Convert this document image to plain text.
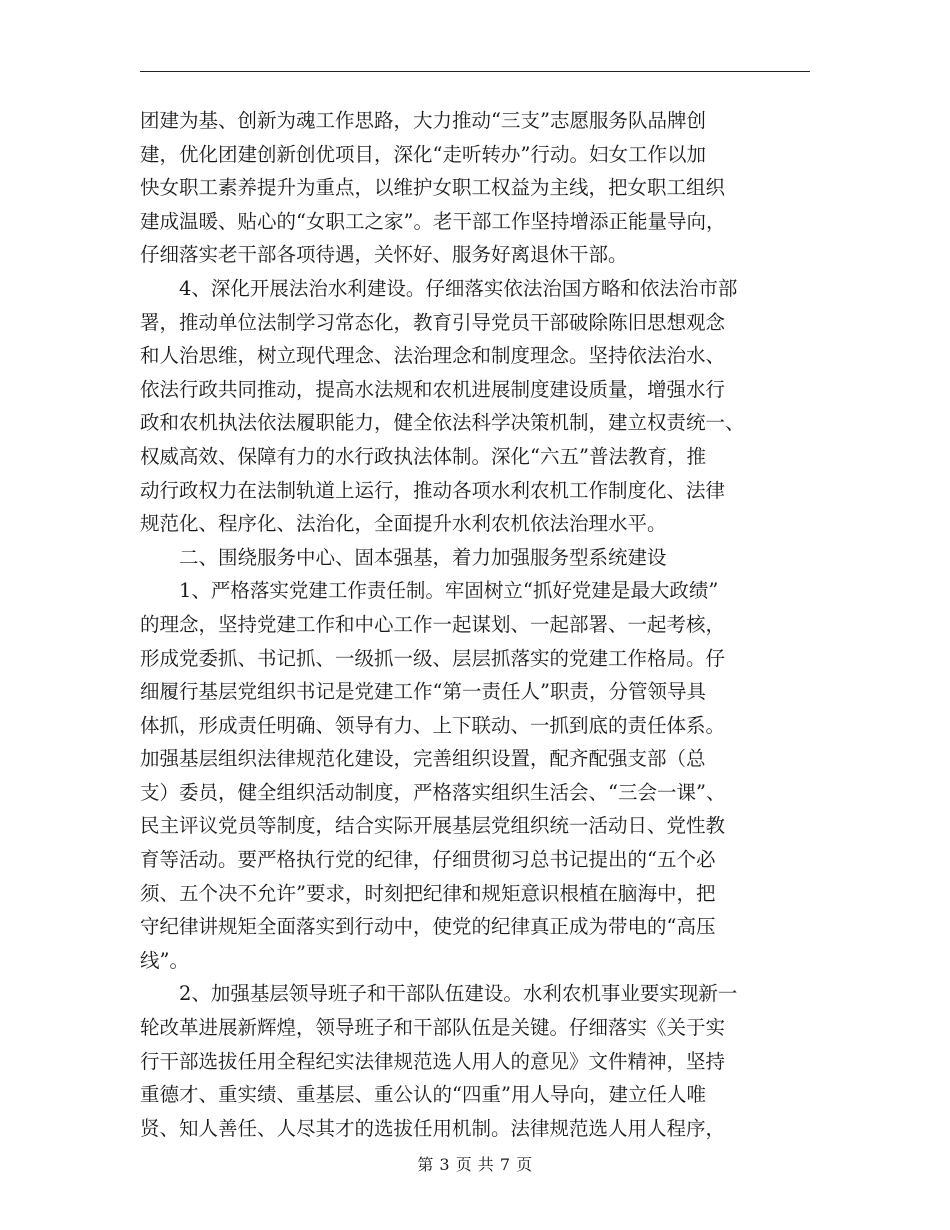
团建为基、创新为魂工作思路，大力推动“三支”志愿服务队品牌创
建，优化团建创新创优项目，深化“走听转办”行动。妇女工作以加
快女职工素养提升为重点，以维护女职工权益为主线，把女职工组织
建成温暖、贴心的“女职工之家”。老干部工作坚持增添正能量导向，
仔细落实老干部各项待遇，关怀好、服务好离退休干部。
4、深化开展法治水利建设。仔细落实依法治国方略和依法治市部
署，推动单位法制学习常态化，教育引导党员干部破除陈旧思想观念
和人治思维，树立现代理念、法治理念和制度理念。坚持依法治水、
依法行政共同推动，提高水法规和农机进展制度建设质量，增强水行
政和农机执法依法履职能力，健全依法科学决策机制，建立权责统一、
权威高效、保障有力的水行政执法体制。深化“六五”普法教育，推
动行政权力在法制轨道上运行，推动各项水利农机工作制度化、法律
规范化、程序化、法治化，全面提升水利农机依法治理水平。
二、围绕服务中心、固本强基，着力加强服务型系统建设
1、严格落实党建工作责任制。牢固树立“抓好党建是最大政绩”
的理念，坚持党建工作和中心工作一起谋划、一起部署、一起考核，
形成党委抓、书记抓、一级抓一级、层层抓落实的党建工作格局。仔
细履行基层党组织书记是党建工作“第一责任人”职责，分管领导具
体抓，形成责任明确、领导有力、上下联动、一抓到底的责任体系。
加强基层组织法律规范化建设，完善组织设置，配齐配强支部（总
支）委员，健全组织活动制度，严格落实组织生活会、“三会一课”、
民主评议党员等制度，结合实际开展基层党组织统一活动日、党性教
育等活动。要严格执行党的纪律，仔细贯彻习总书记提出的“五个必
须、五个决不允许”要求，时刻把纪律和规矩意识根植在脑海中，把
守纪律讲规矩全面落实到行动中，使党的纪律真正成为带电的“高压
线”。
2、加强基层领导班子和干部队伍建设。水利农机事业要实现新一
轮改革进展新辉煌，领导班子和干部队伍是关键。仔细落实《关于实
行干部选拔任用全程纪实法律规范选人用人的意见》文件精神，坚持
重德才、重实绩、重基层、重公认的“四重”用人导向，建立任人唯
贤、知人善任、人尽其才的选拔任用机制。法律规范选人用人程序，
第 3 页 共 7 页
